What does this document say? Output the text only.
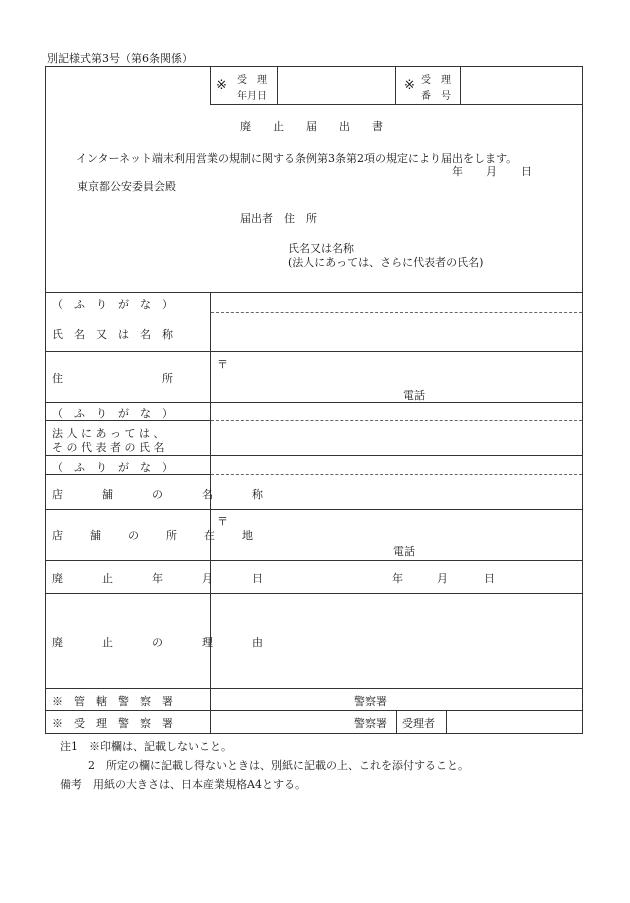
別記様式第3号（第6条関係）
※ 受　理
年月日
※ 受　理
番　号
廃　　止　　届　　出　　書
インターネット端末利用営業の規制に関する条例第3条第2項の規定により届出をします。
年 月 日
東京都公安委員会殿
届出者　住　所
氏名又は名称
(法人にあっては、さらに代表者の氏名)
（　ふ　り　が　な　）
氏　名　又　は　名　称
住　　　　　　　　　所
（　ふ　り　が　な　）
法 人 に あ っ て は 、
そ の 代 表 者 の 氏 名
（　ふ　り　が　な　）
店　舗　の　名　称
店　舗　の　所　在　地
廃　止　年　月　日
廃　止　の　理　由
※　管　轄　警　察　署
※　受　理　警　察　署
〒
電話
〒
電話
年	月	日
警察署
警察署 受理者
注1　※印欄は、記載しないこと。
2　所定の欄に記載し得ないときは、別紙に記載の上、これを添付すること。
備考　用紙の大きさは、日本産業規格A4とする。
